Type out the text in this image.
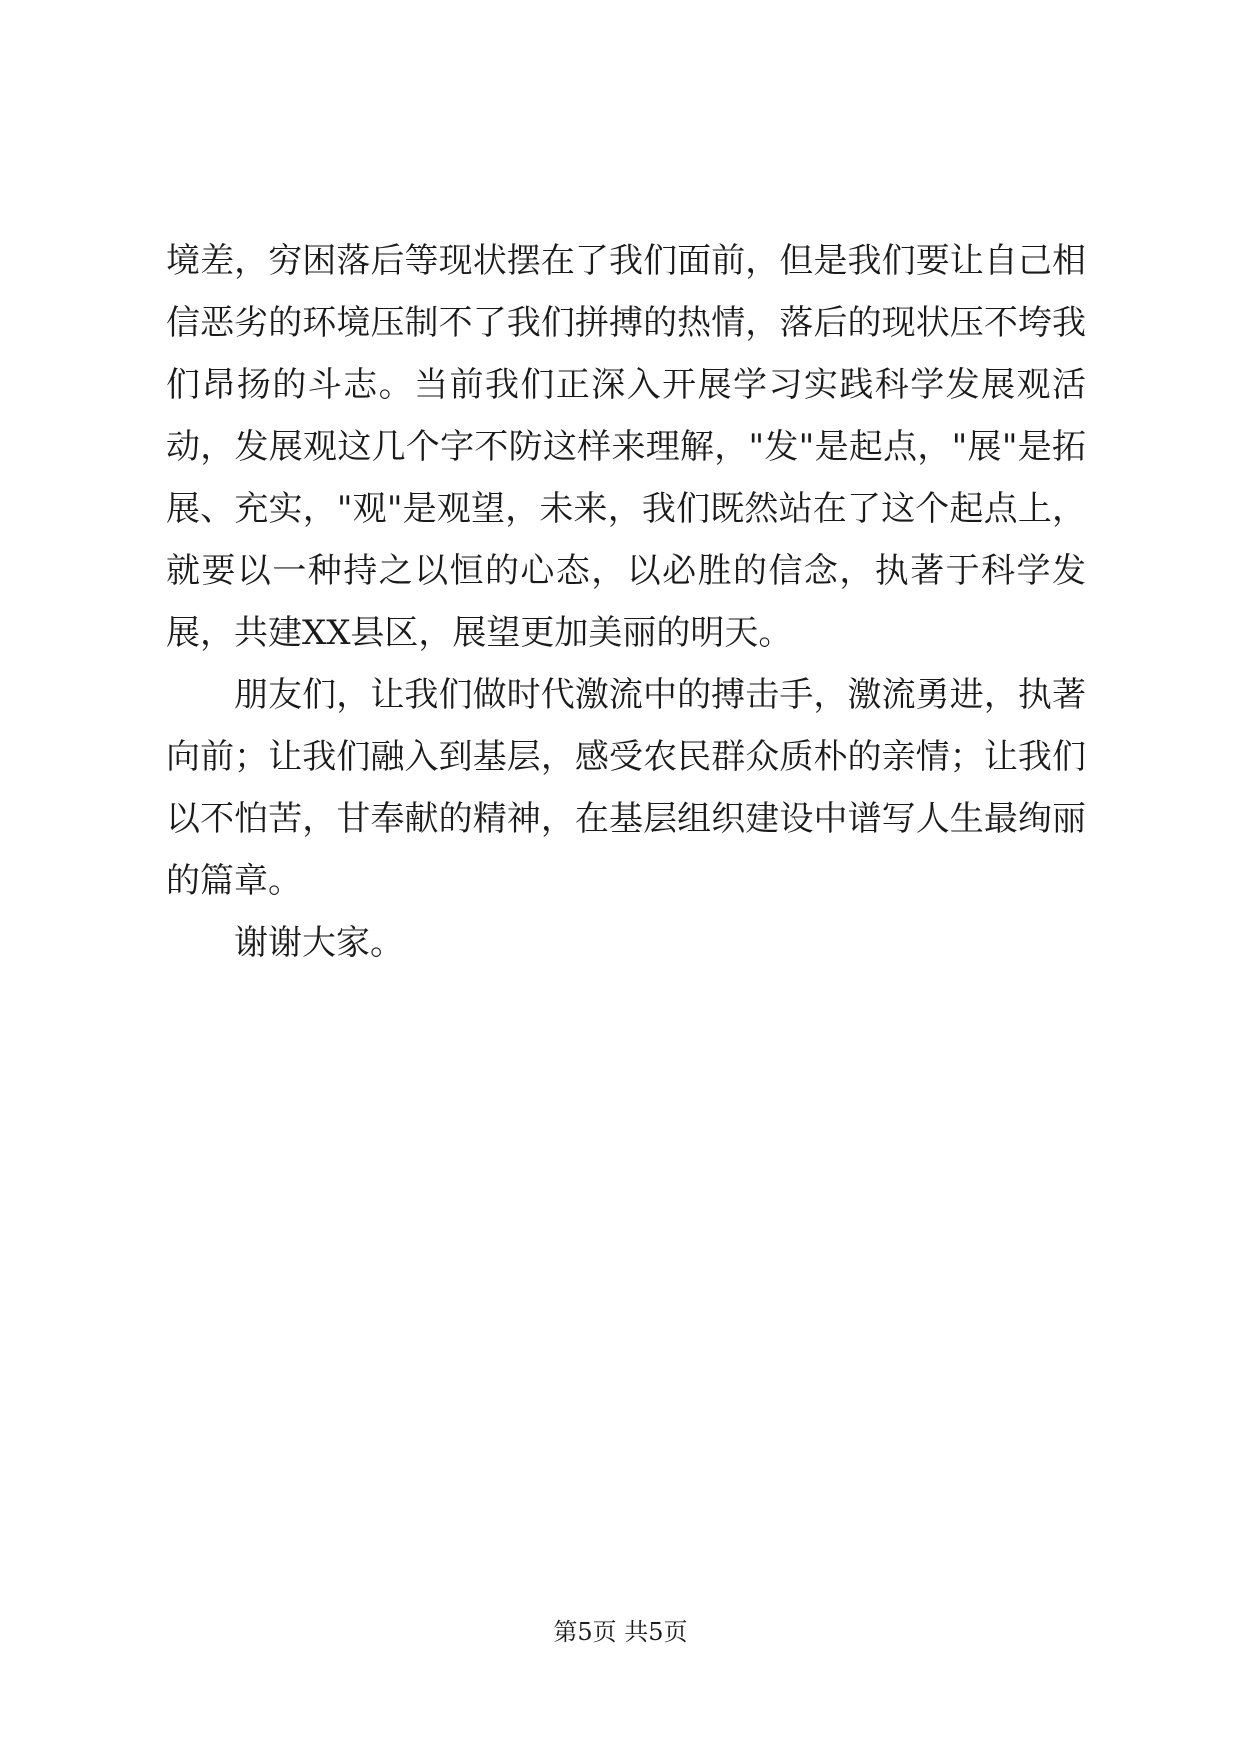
境差，穷困落后等现状摆在了我们面前，但是我们要让自己相信恶劣的环境压制不了我们拼搏的热情，落后的现状压不垮我们昂扬的斗志。当前我们正深入开展学习实践科学发展观活动，发展观这几个字不防这样来理解，"发"是起点，"展"是拓展、充实，"观"是观望，未来，我们既然站在了这个起点上，就要以一种持之以恒的心态，以必胜的信念，执著于科学发展，共建XX县区，展望更加美丽的明天。

朋友们，让我们做时代激流中的搏击手，激流勇进，执著向前；让我们融入到基层，感受农民群众质朴的亲情；让我们以不怕苦，甘奉献的精神，在基层组织建设中谱写人生最绚丽的篇章。

谢谢大家。

第5页 共5页
